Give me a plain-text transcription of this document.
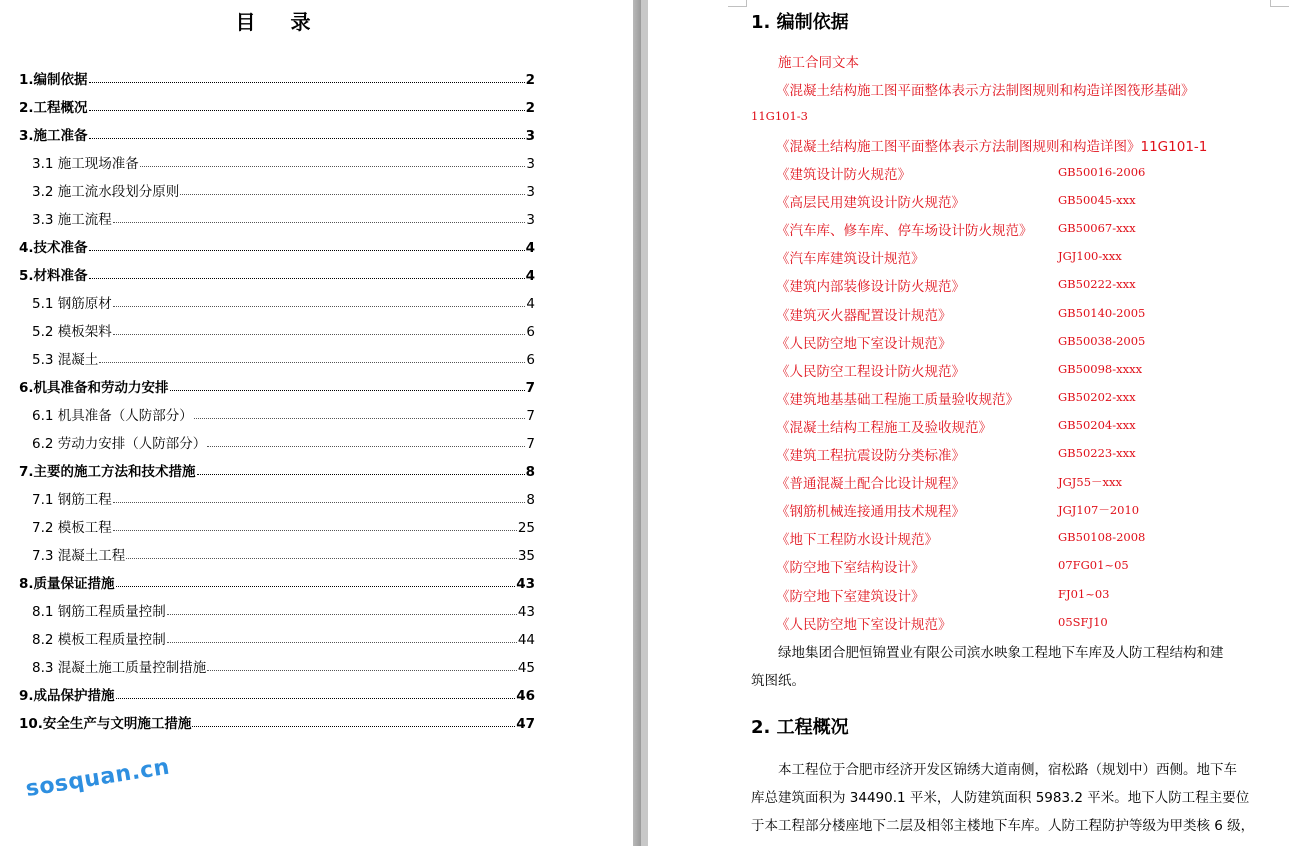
目 录
1.编制依据	2
2.工程概况	2
3.施工准备	3
3.1 施工现场准备	3
3.2 施工流水段划分原则	3
3.3 施工流程	3
4.技术准备	4
5.材料准备	4
5.1 钢筋原材	4
5.2 模板架料	6
5.3 混凝土	6
6.机具准备和劳动力安排	7
6.1 机具准备（人防部分）	7
6.2 劳动力安排（人防部分）	7
7.主要的施工方法和技术措施	8
7.1 钢筋工程	8
7.2 模板工程	25
7.3 混凝土工程	35
8.质量保证措施	43
8.1 钢筋工程质量控制	43
8.2 模板工程质量控制	44
8.3 混凝土施工质量控制措施	45
9.成品保护措施	46
10.安全生产与文明施工措施	47
sosquan.cn
1. 编制依据
施工合同文本
《混凝土结构施工图平面整体表示方法制图规则和构造详图筏形基础》
11G101-3
《混凝土结构施工图平面整体表示方法制图规则和构造详图》11G101-1
《建筑设计防火规范》	GB50016-2006
《高层民用建筑设计防火规范》	GB50045-xxx
《汽车库、修车库、停车场设计防火规范》 GB50067-xxx
《汽车库建筑设计规范》	JGJ100-xxx
《建筑内部装修设计防火规范》	GB50222-xxx
《建筑灭火器配置设计规范》	GB50140-2005
《人民防空地下室设计规范》	GB50038-2005
《人民防空工程设计防火规范》	GB50098-xxxx
《建筑地基基础工程施工质量验收规范》	GB50202-xxx
《混凝土结构工程施工及验收规范》	GB50204-xxx
《建筑工程抗震设防分类标准》	GB50223-xxx
《普通混凝土配合比设计规程》	JGJ55－xxx
《钢筋机械连接通用技术规程》	JGJ107－2010
《地下工程防水设计规范》	GB50108-2008
《防空地下室结构设计》	07FG01~05
《防空地下室建筑设计》	FJ01~03
《人民防空地下室设计规范》	05SFJ10
绿地集团合肥恒锦置业有限公司滨水映象工程地下车库及人防工程结构和建
筑图纸。
2. 工程概况
本工程位于合肥市经济开发区锦绣大道南侧，宿松路（规划中）西侧。地下车
库总建筑面积为 34490.1 平米，人防建筑面积 5983.2 平米。地下人防工程主要位
于本工程部分楼座地下二层及相邻主楼地下车库。人防工程防护等级为甲类核 6 级，
